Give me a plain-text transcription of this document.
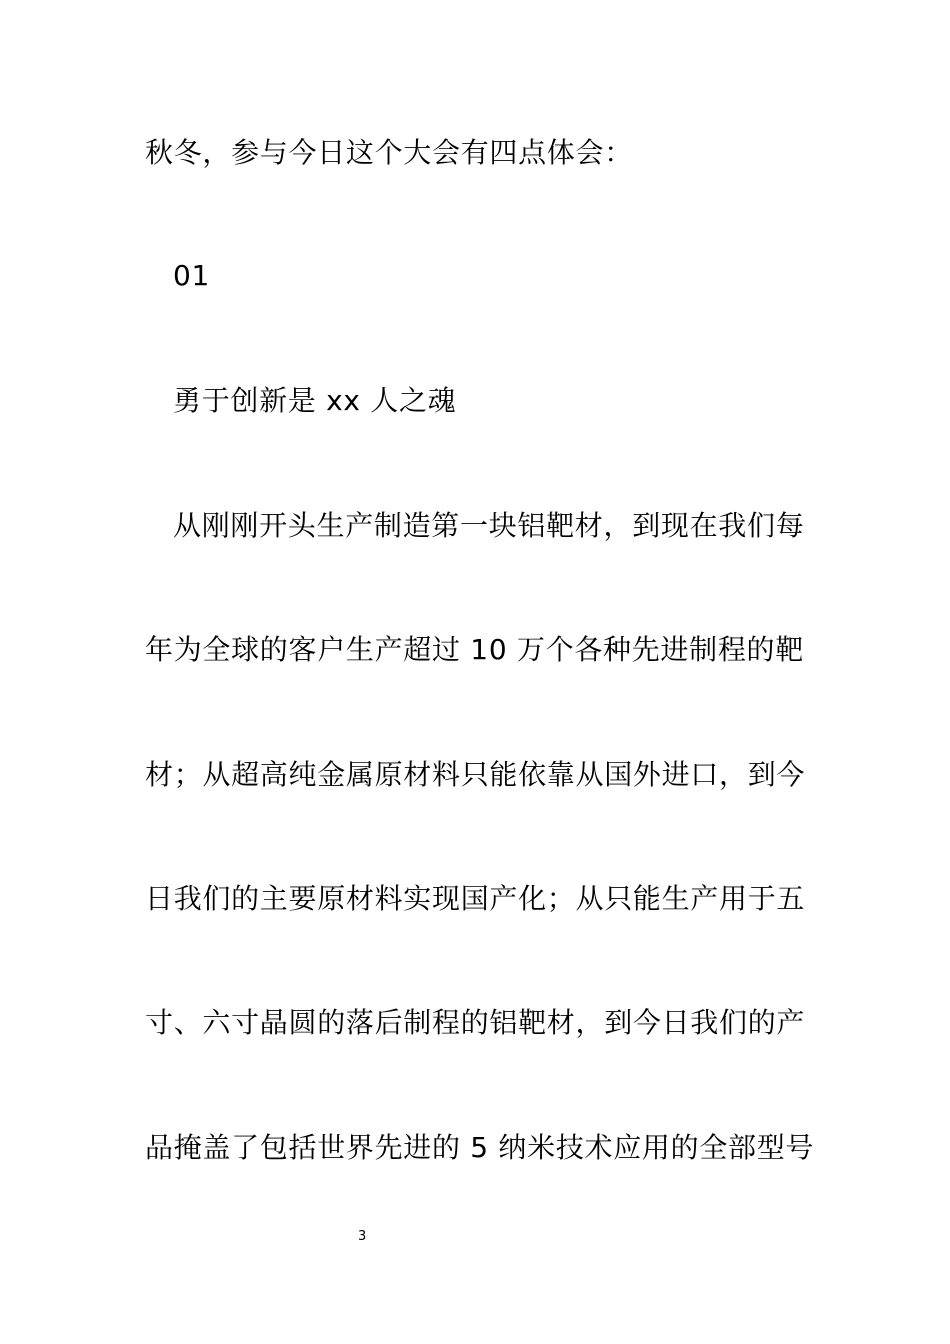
秋冬，参与今日这个大会有四点体会：
01
勇于创新是 xx 人之魂
从刚刚开头生产制造第一块铝靶材，到现在我们每
年为全球的客户生产超过 10 万个各种先进制程的靶
材；从超高纯金属原材料只能依靠从国外进口，到今
日我们的主要原材料实现国产化；从只能生产用于五
寸、六寸晶圆的落后制程的铝靶材，到今日我们的产
品掩盖了包括世界先进的 5 纳米技术应用的全部型号
3
